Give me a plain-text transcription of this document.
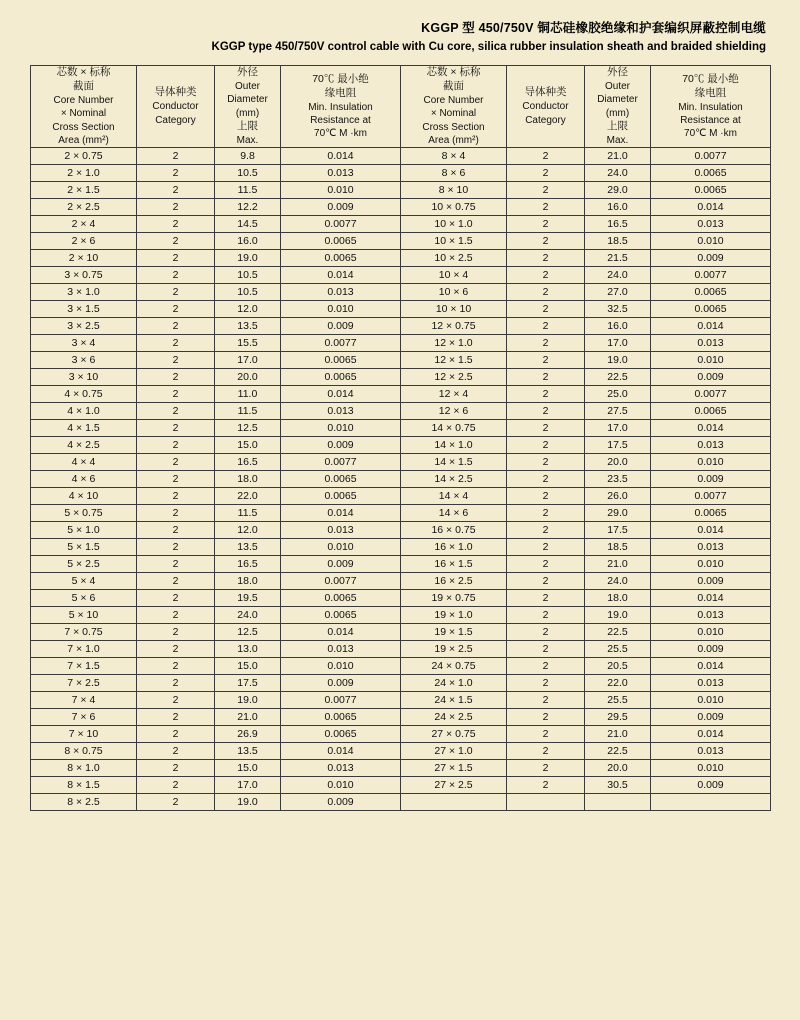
KGGP 型 450/750V 铜芯硅橡胶绝缘和护套编织屏蔽控制电缆
KGGP type 450/750V control cable with Cu core, silica rubber insulation sheath and braided shielding
芯数 × 标称
截面
Core Number
× Nominal
Cross Section
Area (mm²)

导体种类
Conductor
Category

外径
Outer
Diameter
(mm)
上限
Max.

70℃ 最小绝
缘电阻
Min. Insulation
Resistance at
70℃ M ·km

芯数 × 标称
截面
Core Number
× Nominal
Cross Section
Area (mm²)

导体种类
Conductor
Category

外径
Outer
Diameter
(mm)
上限
Max.

70℃ 最小绝
缘电阻
Min. Insulation
Resistance at
70℃ M ·km

2 × 0.75	2	9.8	0.014	8 × 4	2	21.0	0.0077
2 × 1.0	2	10.5	0.013	8 × 6	2	24.0	0.0065
2 × 1.5	2	11.5	0.010	8 × 10	2	29.0	0.0065
2 × 2.5	2	12.2	0.009	10 × 0.75	2	16.0	0.014
2 × 4	2	14.5	0.0077	10 × 1.0	2	16.5	0.013
2 × 6	2	16.0	0.0065	10 × 1.5	2	18.5	0.010
2 × 10	2	19.0	0.0065	10 × 2.5	2	21.5	0.009
3 × 0.75	2	10.5	0.014	10 × 4	2	24.0	0.0077
3 × 1.0	2	10.5	0.013	10 × 6	2	27.0	0.0065
3 × 1.5	2	12.0	0.010	10 × 10	2	32.5	0.0065
3 × 2.5	2	13.5	0.009	12 × 0.75	2	16.0	0.014
3 × 4	2	15.5	0.0077	12 × 1.0	2	17.0	0.013
3 × 6	2	17.0	0.0065	12 × 1.5	2	19.0	0.010
3 × 10	2	20.0	0.0065	12 × 2.5	2	22.5	0.009
4 × 0.75	2	11.0	0.014	12 × 4	2	25.0	0.0077
4 × 1.0	2	11.5	0.013	12 × 6	2	27.5	0.0065
4 × 1.5	2	12.5	0.010	14 × 0.75	2	17.0	0.014
4 × 2.5	2	15.0	0.009	14 × 1.0	2	17.5	0.013
4 × 4	2	16.5	0.0077	14 × 1.5	2	20.0	0.010
4 × 6	2	18.0	0.0065	14 × 2.5	2	23.5	0.009
4 × 10	2	22.0	0.0065	14 × 4	2	26.0	0.0077
5 × 0.75	2	11.5	0.014	14 × 6	2	29.0	0.0065
5 × 1.0	2	12.0	0.013	16 × 0.75	2	17.5	0.014
5 × 1.5	2	13.5	0.010	16 × 1.0	2	18.5	0.013
5 × 2.5	2	16.5	0.009	16 × 1.5	2	21.0	0.010
5 × 4	2	18.0	0.0077	16 × 2.5	2	24.0	0.009
5 × 6	2	19.5	0.0065	19 × 0.75	2	18.0	0.014
5 × 10	2	24.0	0.0065	19 × 1.0	2	19.0	0.013
7 × 0.75	2	12.5	0.014	19 × 1.5	2	22.5	0.010
7 × 1.0	2	13.0	0.013	19 × 2.5	2	25.5	0.009
7 × 1.5	2	15.0	0.010	24 × 0.75	2	20.5	0.014
7 × 2.5	2	17.5	0.009	24 × 1.0	2	22.0	0.013
7 × 4	2	19.0	0.0077	24 × 1.5	2	25.5	0.010
7 × 6	2	21.0	0.0065	24 × 2.5	2	29.5	0.009
7 × 10	2	26.9	0.0065	27 × 0.75	2	21.0	0.014
8 × 0.75	2	13.5	0.014	27 × 1.0	2	22.5	0.013
8 × 1.0	2	15.0	0.013	27 × 1.5	2	20.0	0.010
8 × 1.5	2	17.0	0.010	27 × 2.5	2	30.5	0.009
8 × 2.5	2	19.0	0.009				
